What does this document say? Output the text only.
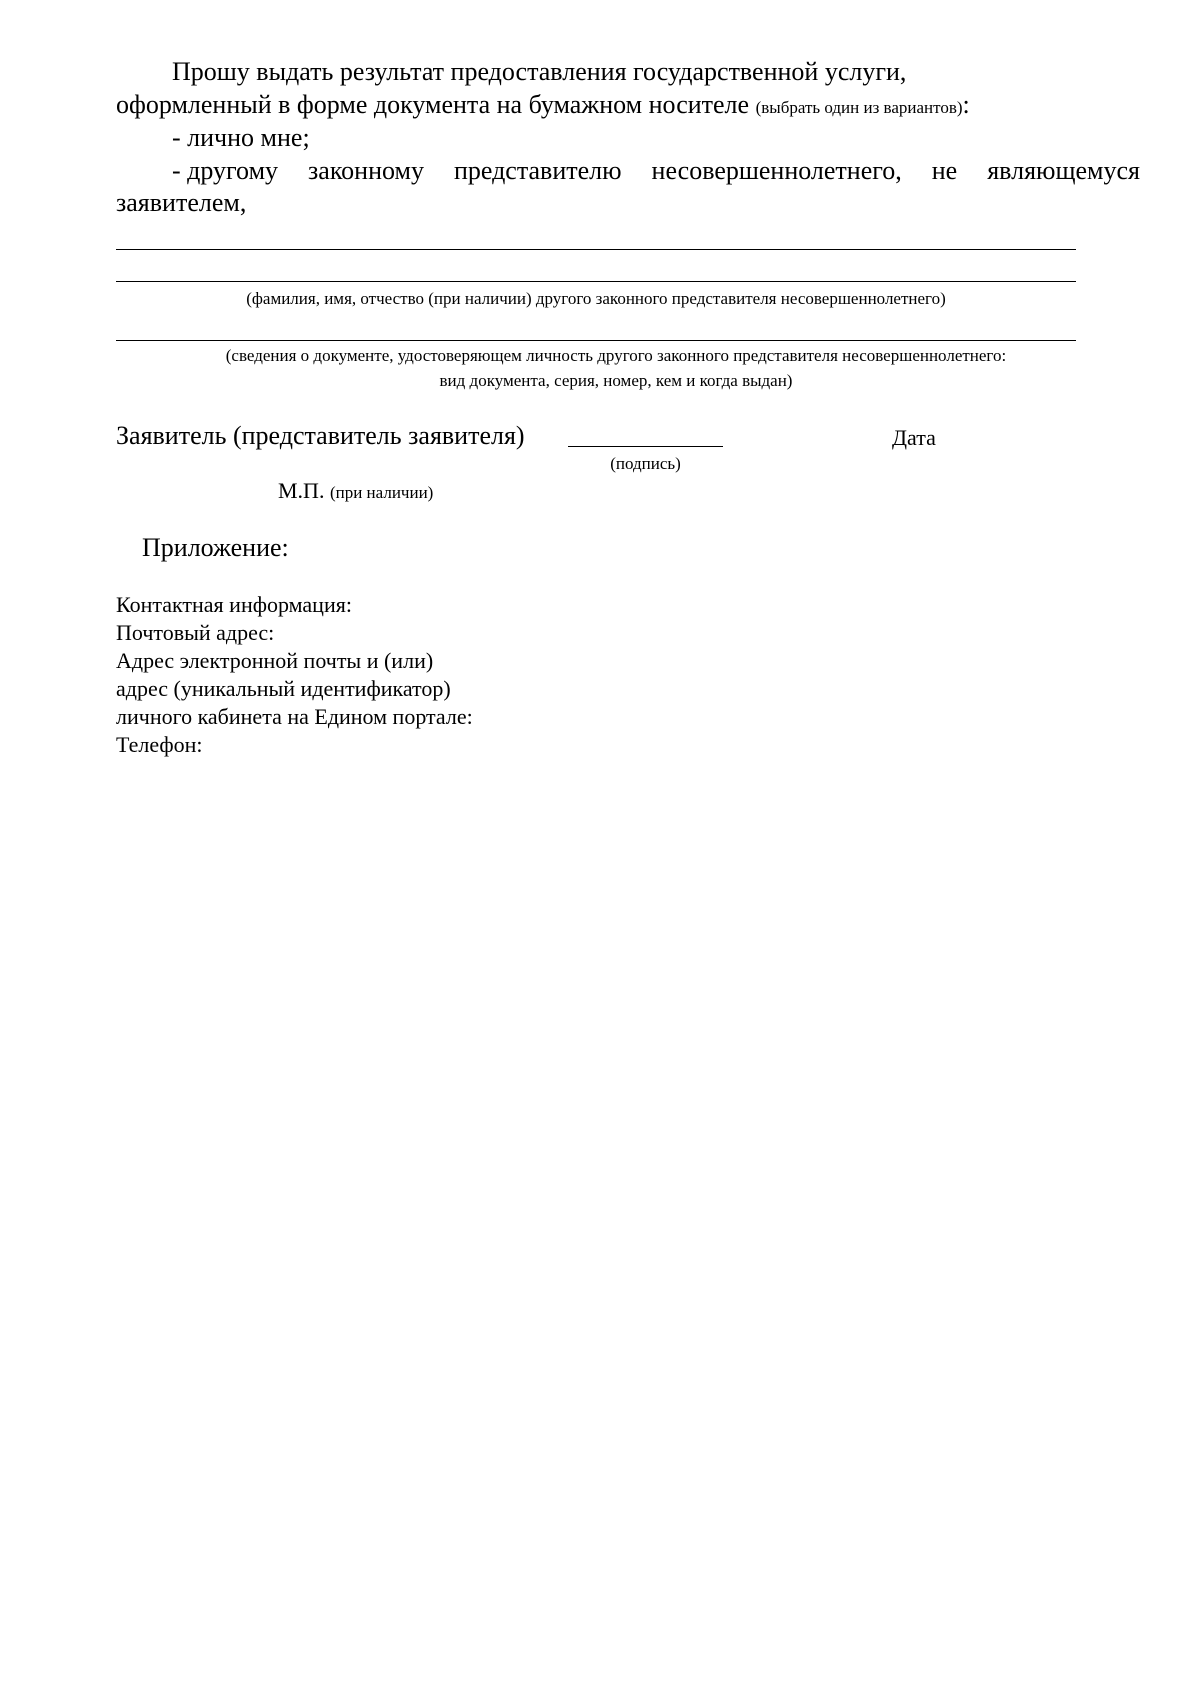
Прошу выдать результат предоставления государственной услуги,
оформленный в форме документа на бумажном носителе (выбрать один из вариантов):
- лично мне;
- другому законному представителю несовершеннолетнего, не являющемуся
заявителем,
(фамилия, имя, отчество (при наличии) другого законного представителя несовершеннолетнего)
(сведения о документе, удостоверяющем личность другого законного представителя несовершеннолетнего:
вид документа, серия, номер, кем и когда выдан)
Заявитель (представитель заявителя)
(подпись)
Дата
М.П. (при наличии)
Приложение:
Контактная информация:
Почтовый адрес:
Адрес электронной почты и (или)
адрес (уникальный идентификатор)
личного кабинета на Едином портале:
Телефон:
